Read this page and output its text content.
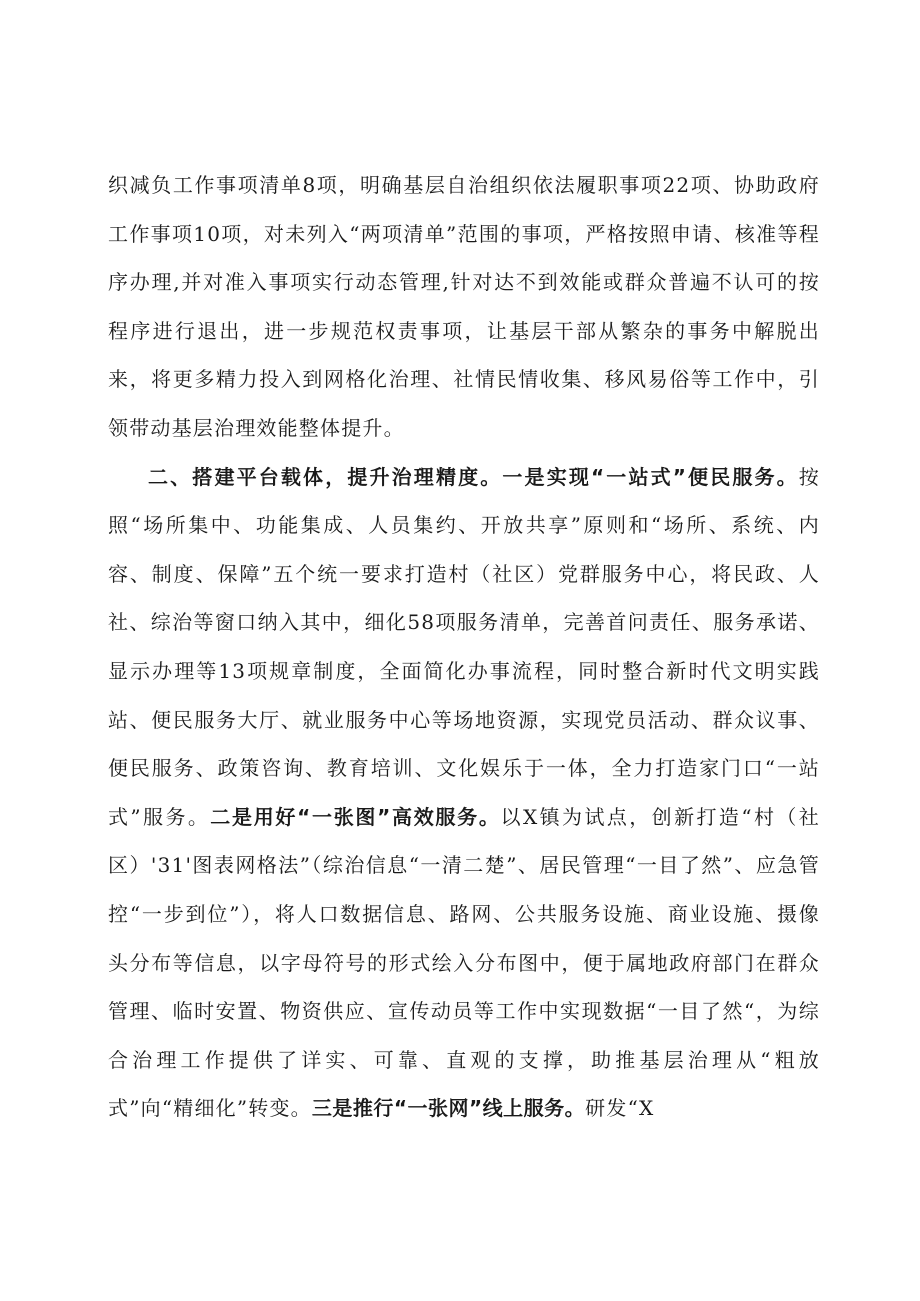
织减负工作事项清单8项，明确基层自治组织依法履职事项22项、协助政府工作事项10项，对未列入“两项清单”范围的事项，严格按照申请、核准等程序办理,并对准入事项实行动态管理,针对达不到效能或群众普遍不认可的按程序进行退出，进一步规范权责事项，让基层干部从繁杂的事务中解脱出来，将更多精力投入到网格化治理、社情民情收集、移风易俗等工作中，引领带动基层治理效能整体提升。

二、搭建平台载体，提升治理精度。一是实现“一站式”便民服务。按照“场所集中、功能集成、人员集约、开放共享”原则和“场所、系统、内容、制度、保障”五个统一要求打造村（社区）党群服务中心，将民政、人社、综治等窗口纳入其中，细化58项服务清单，完善首问责任、服务承诺、显示办理等13项规章制度，全面简化办事流程，同时整合新时代文明实践站、便民服务大厅、就业服务中心等场地资源，实现党员活动、群众议事、便民服务、政策咨询、教育培训、文化娱乐于一体，全力打造家门口“一站式”服务。二是用好“一张图”高效服务。以X镇为试点，创新打造“村（社区）'31'图表网格法”（综治信息“一清二楚”、居民管理“一目了然”、应急管控“一步到位”），将人口数据信息、路网、公共服务设施、商业设施、摄像头分布等信息，以字母符号的形式绘入分布图中，便于属地政府部门在群众管理、临时安置、物资供应、宣传动员等工作中实现数据“一目了然“，为综合治理工作提供了详实、可靠、直观的支撑，助推基层治理从“粗放式”向“精细化”转变。三是推行“一张网”线上服务。研发“X
